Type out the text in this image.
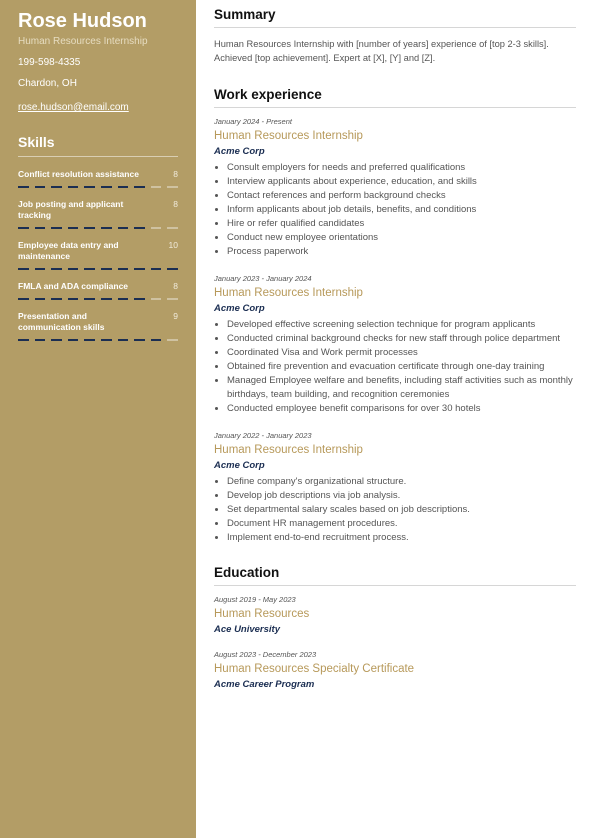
Rose Hudson
Human Resources Internship
199-598-4335
Chardon, OH
rose.hudson@email.com
Skills
Conflict resolution assistance	8
Job posting and applicant tracking
8
Employee data entry and maintenance
10
FMLA and ADA compliance	8
Presentation and communication skills
9
Summary
Human Resources Internship with [number of years] experience of [top 2-3 skills]. Achieved [top achievement]. Expert at [X], [Y] and [Z].
Work experience
January 2024 - Present
Human Resources Internship
Acme Corp
• Consult employers for needs and preferred qualifications
• Interview applicants about experience, education, and skills
• Contact references and perform background checks
• Inform applicants about job details, benefits, and conditions
• Hire or refer qualified candidates
• Conduct new employee orientations
• Process paperwork
January 2023 - January 2024
Human Resources Internship
Acme Corp
• Developed effective screening selection technique for program applicants
• Conducted criminal background checks for new staff through police department
• Coordinated Visa and Work permit processes
• Obtained fire prevention and evacuation certificate through one-day training
• Managed Employee welfare and benefits, including staff activities such as monthly birthdays, team building, and recognition ceremonies
• Conducted employee benefit comparisons for over 30 hotels
January 2022 - January 2023
Human Resources Internship
Acme Corp
• Define company's organizational structure.
• Develop job descriptions via job analysis.
• Set departmental salary scales based on job descriptions.
• Document HR management procedures.
• Implement end-to-end recruitment process.
Education
August 2019 - May 2023
Human Resources
Ace University
August 2023 - December 2023
Human Resources Specialty Certificate
Acme Career Program
